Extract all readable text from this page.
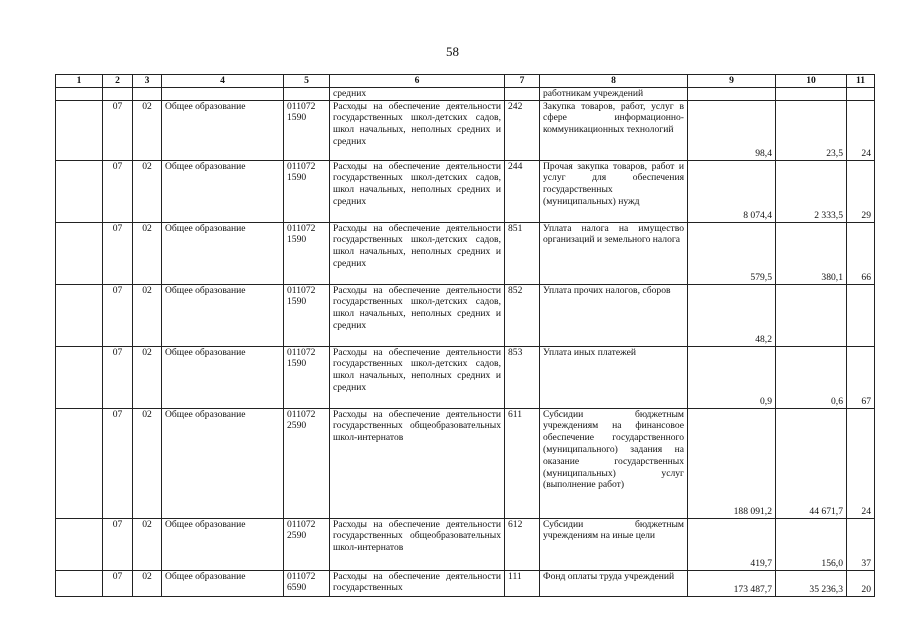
58
1	2	3	4	5	6	7	8	9	10	11
					средних		работникам учреждений			
	07	02	Общее образование	011072 1590	Расходы на обеспечение деятельности государственных школ-детских садов, школ начальных, неполных средних и средних	242	Закупка товаров, работ, услуг в сфере информационно-коммуникационных технологий	98,4	23,5	24
	07	02	Общее образование	011072 1590	Расходы на обеспечение деятельности государственных школ-детских садов, школ начальных, неполных средних и средних	244	Прочая закупка товаров, работ и услуг для обеспечения государственных (муниципальных) нужд	8 074,4	2 333,5	29
	07	02	Общее образование	011072 1590	Расходы на обеспечение деятельности государственных школ-детских садов, школ начальных, неполных средних и средних	851	Уплата налога на имущество организаций и земельного налога	579,5	380,1	66
	07	02	Общее образование	011072 1590	Расходы на обеспечение деятельности государственных школ-детских садов, школ начальных, неполных средних и средних	852	Уплата прочих налогов, сборов	48,2		
	07	02	Общее образование	011072 1590	Расходы на обеспечение деятельности государственных школ-детских садов, школ начальных, неполных средних и средних	853	Уплата иных платежей	0,9	0,6	67
	07	02	Общее образование	011072 2590	Расходы на обеспечение деятельности государственных общеобразовательных школ-интернатов	611	Субсидии бюджетным учреждениям на финансовое обеспечение государственного (муниципального) задания на оказание государственных (муниципальных) услуг (выполнение работ)	188 091,2	44 671,7	24
	07	02	Общее образование	011072 2590	Расходы на обеспечение деятельности государственных общеобразовательных школ-интернатов	612	Субсидии бюджетным учреждениям на иные цели	419,7	156,0	37
	07	02	Общее образование	011072 6590	Расходы на обеспечение деятельности государственных	111	Фонд оплаты труда учреждений	173 487,7	35 236,3	20
